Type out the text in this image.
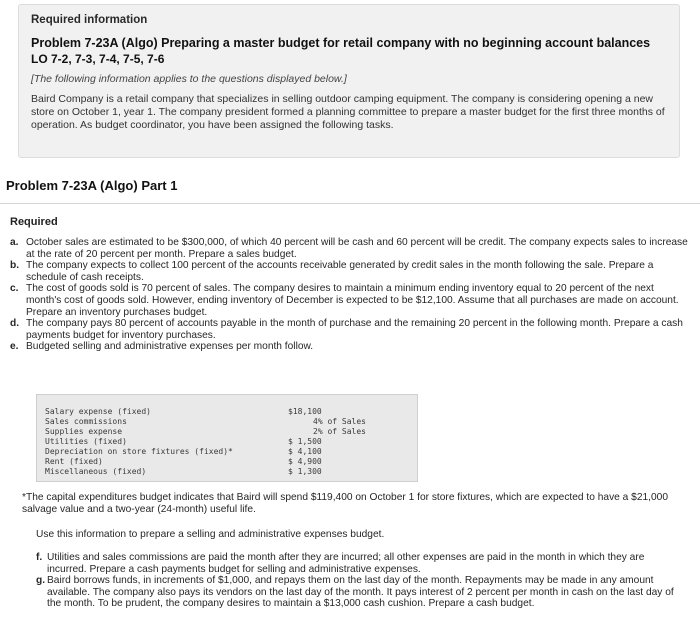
Required information
Problem 7-23A (Algo) Preparing a master budget for retail company with no beginning account balances
LO 7-2, 7-3, 7-4, 7-5, 7-6
[The following information applies to the questions displayed below.]

Baird Company is a retail company that specializes in selling outdoor camping equipment. The company is considering opening a new store on October 1, year 1. The company president formed a planning committee to prepare a master budget for the first three months of operation. As budget coordinator, you have been assigned the following tasks.

Problem 7-23A (Algo) Part 1
Required
a. October sales are estimated to be $300,000, of which 40 percent will be cash and 60 percent will be credit. The company expects sales to increase at the rate of 20 percent per month. Prepare a sales budget.
b. The company expects to collect 100 percent of the accounts receivable generated by credit sales in the month following the sale. Prepare a schedule of cash receipts.
c. The cost of goods sold is 70 percent of sales. The company desires to maintain a minimum ending inventory equal to 20 percent of the next month's cost of goods sold. However, ending inventory of December is expected to be $12,100. Assume that all purchases are made on account. Prepare an inventory purchases budget.
d. The company pays 80 percent of accounts payable in the month of purchase and the remaining 20 percent in the following month. Prepare a cash payments budget for inventory purchases.
e. Budgeted selling and administrative expenses per month follow.
Salary expense (fixed)	$18,100
Sales commissions	4% of Sales
Supplies expense	2% of Sales
Utilities (fixed)	$ 1,500
Depreciation on store fixtures (fixed)*	$ 4,100
Rent (fixed)	$ 4,900
Miscellaneous (fixed)	$ 1,300

*The capital expenditures budget indicates that Baird will spend $119,400 on October 1 for store fixtures, which are expected to have a $21,000 salvage value and a two-year (24-month) useful life.

Use this information to prepare a selling and administrative expenses budget.

f. Utilities and sales commissions are paid the month after they are incurred; all other expenses are paid in the month in which they are incurred. Prepare a cash payments budget for selling and administrative expenses.
g. Baird borrows funds, in increments of $1,000, and repays them on the last day of the month. Repayments may be made in any amount available. The company also pays its vendors on the last day of the month. It pays interest of 2 percent per month in cash on the last day of the month. To be prudent, the company desires to maintain a $13,000 cash cushion. Prepare a cash budget.
